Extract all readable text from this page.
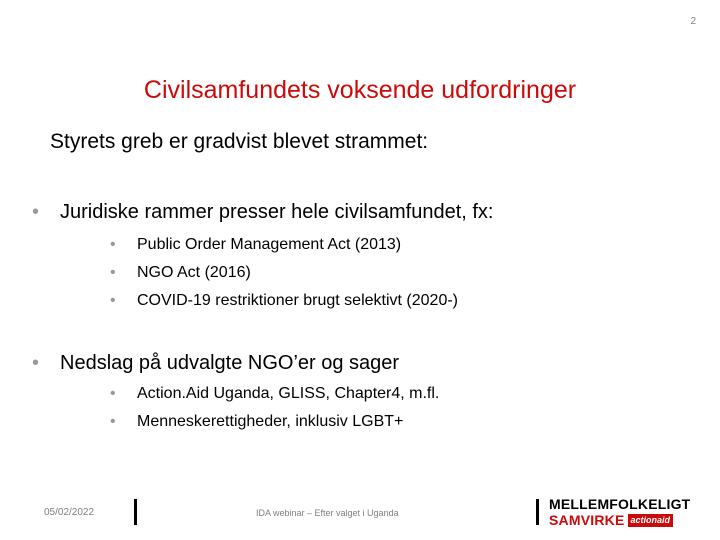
2
Civilsamfundets voksende udfordringer
Styrets greb er gradvist blevet strammet:
•	Juridiske rammer presser hele civilsamfundet, fx:
•	Public Order Management Act (2013)
•	NGO Act (2016)
•	COVID-19 restriktioner brugt selektivt (2020-)
•	Nedslag på udvalgte NGO’er og sager
•	Action.Aid Uganda, GLISS, Chapter4, m.fl.
•	Menneskerettigheder, inklusiv LGBT+
05/02/2022	IDA webinar – Efter valget i Uganda
MELLEMFOLKELIGT
SAMVIRKE actionaid
